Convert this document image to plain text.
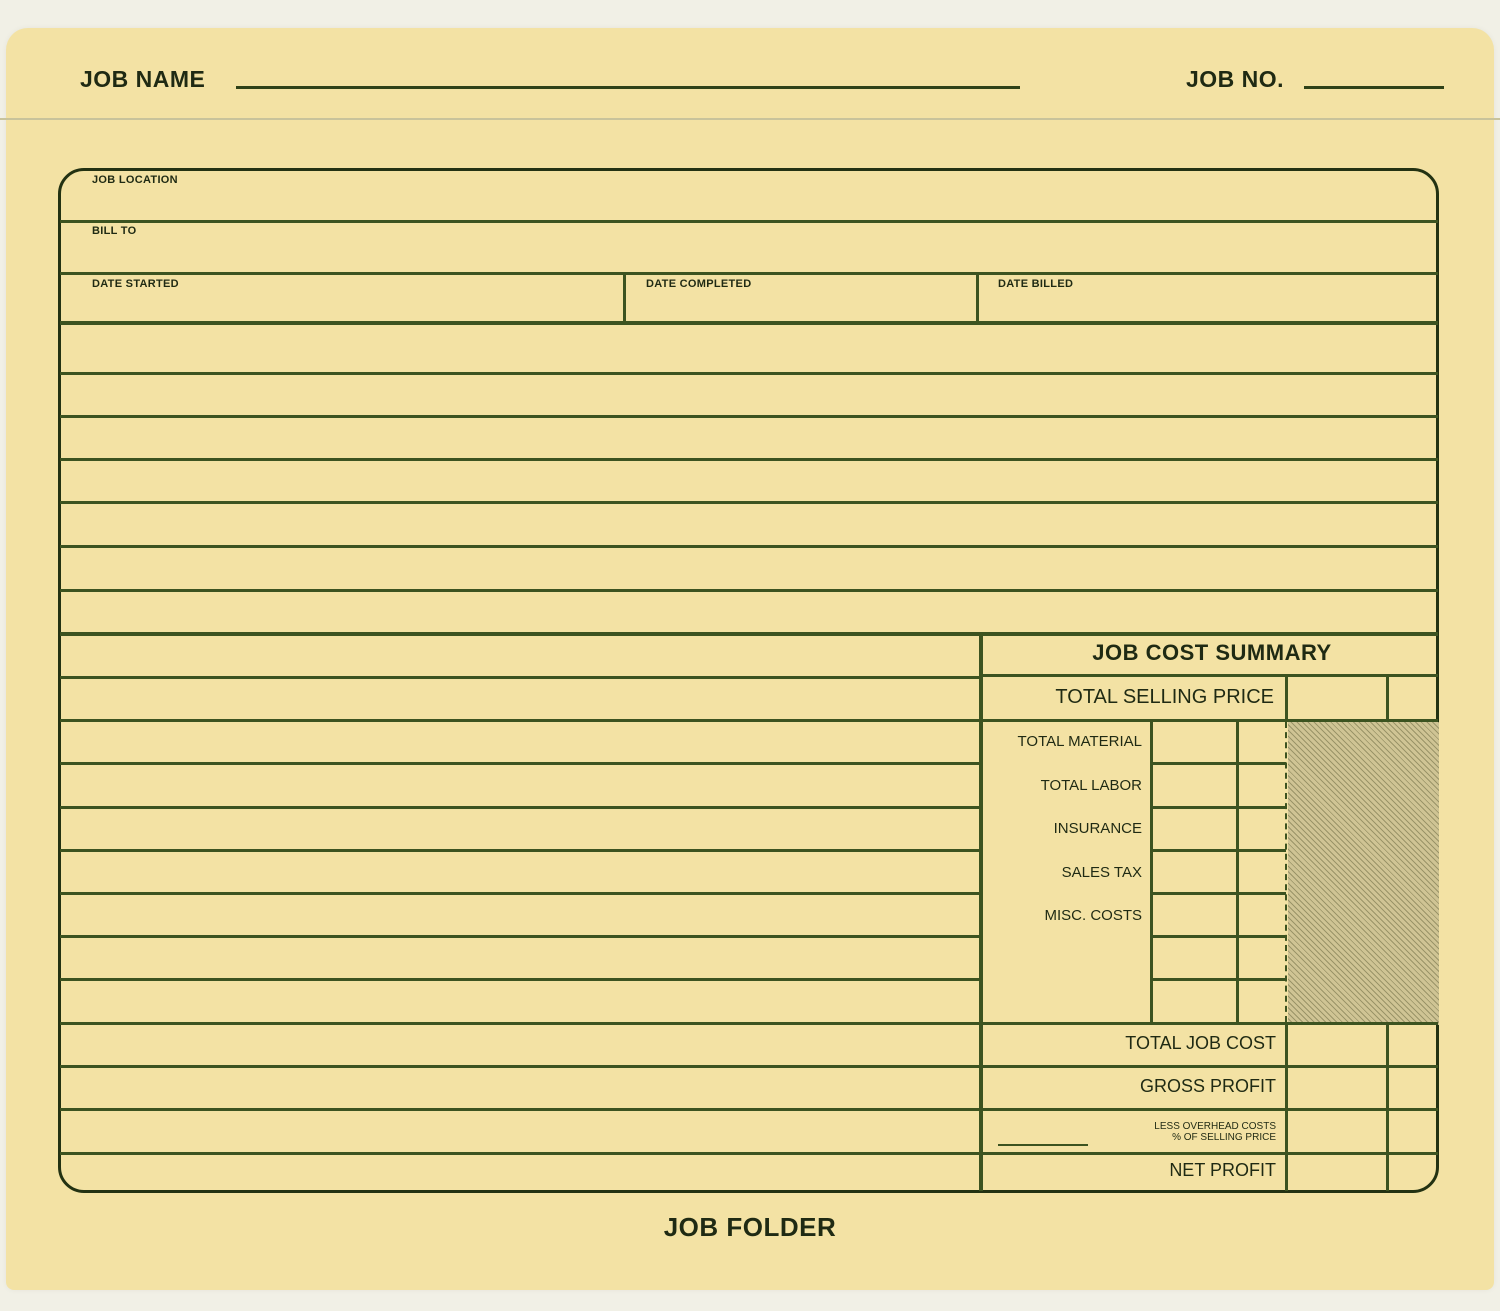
JOB NAME	JOB NO.
JOB LOCATION
BILL TO
DATE STARTED	DATE COMPLETED	DATE BILLED
JOB COST SUMMARY
TOTAL SELLING PRICE
TOTAL MATERIAL
TOTAL LABOR
INSURANCE
SALES TAX
MISC. COSTS
TOTAL JOB COST
GROSS PROFIT
LESS OVERHEAD COSTS
% OF SELLING PRICE
NET PROFIT
JOB FOLDER
